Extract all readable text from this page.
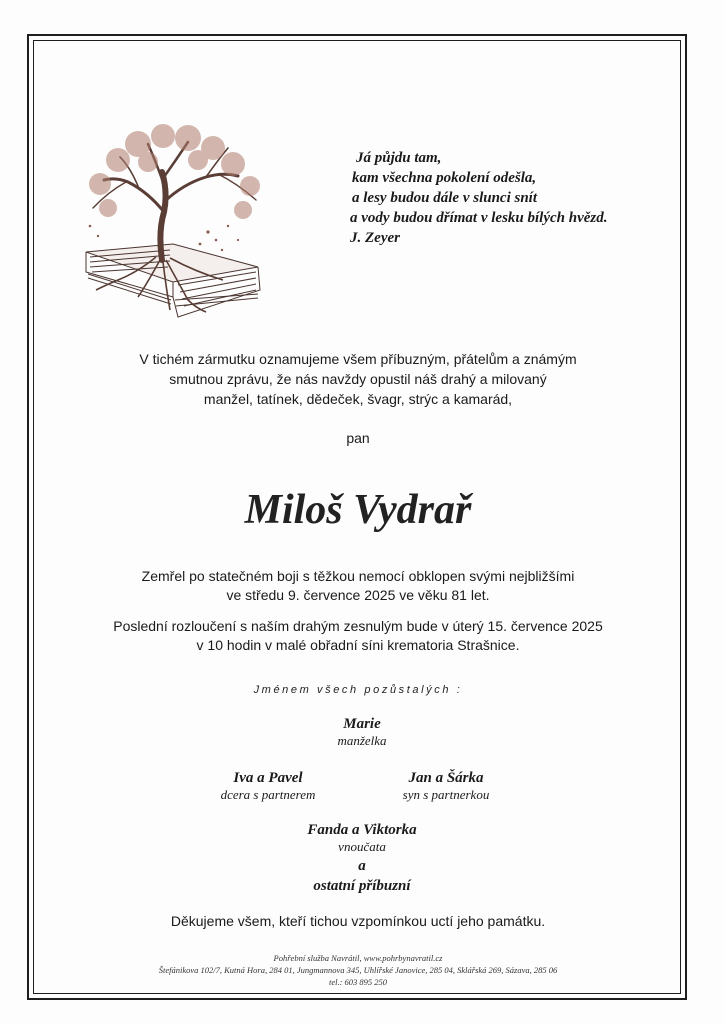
Já půjdu tam,
kam všechna pokolení odešla,
a lesy budou dále v slunci snít
a vody budou dřímat v lesku bílých hvězd.
J. Zeyer
V tichém zármutku oznamujeme všem příbuzným, přátelům a známým
smutnou zprávu, že nás navždy opustil náš drahý a milovaný
manžel, tatínek, dědeček, švagr, strýc a kamarád,
pan
Miloš Vydrař
Zemřel po statečném boji s těžkou nemocí obklopen svými nejbližšími
ve středu 9. července 2025 ve věku 81 let.
Poslední rozloučení s naším drahým zesnulým bude v úterý 15. července 2025
v 10 hodin v malé obřadní síni krematoria Strašnice.
Jménem všech pozůstalých :
Marie
manželka
Iva a Pavel
dcera s partnerem
Jan a Šárka
syn s partnerkou
Fanda a Viktorka
vnoučata
a
ostatní příbuzní
Děkujeme všem, kteří tichou vzpomínkou uctí jeho památku.
Pohřební služba Navrátil, www.pohrbynavratil.cz
Štefánikova 102/7, Kutná Hora, 284 01, Jungmannova 345, Uhlířské Janovice, 285 04, Sklářská 269, Sázava, 285 06
tel.: 603 895 250
